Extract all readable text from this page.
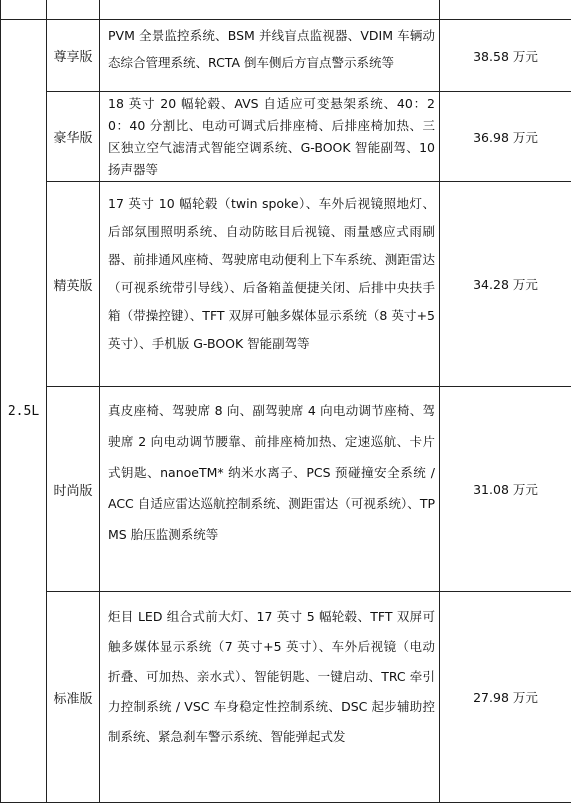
2.5L	尊享版	PVM 全景监控系统、BSM 并线盲点监视器、VDIM 车辆动态综合管理系统、RCTA 倒车侧后方盲点警示系统等	38.58 万元
	豪华版	18 英寸 20 幅轮毂、AVS 自适应可变悬架系统、40：20：40 分割比、电动可调式后排座椅、后排座椅加热、三区独立空气滤清式智能空调系统、G-BOOK 智能副驾、10 扬声器等	36.98 万元
	精英版	17 英寸 10 幅轮毂（twin spoke）、车外后视镜照地灯、后部氛围照明系统、自动防眩目后视镜、雨量感应式雨刷器、前排通风座椅、驾驶席电动便利上下车系统、测距雷达（可视系统带引导线）、后备箱盖便捷关闭、后排中央扶手箱（带操控键）、TFT 双屏可触多媒体显示系统（8 英寸+5 英寸）、手机版 G-BOOK 智能副驾等	34.28 万元
	时尚版	真皮座椅、驾驶席 8 向、副驾驶席 4 向电动调节座椅、驾驶席 2 向电动调节腰靠、前排座椅加热、定速巡航、卡片式钥匙、nanoeTM* 纳米水离子、PCS 预碰撞安全系统 / ACC 自适应雷达巡航控制系统、测距雷达（可视系统）、TPMS 胎压监测系统等	31.08 万元
	标准版	炬目 LED 组合式前大灯、17 英寸 5 幅轮毂、TFT 双屏可触多媒体显示系统（7 英寸+5 英寸）、车外后视镜（电动折叠、可加热、亲水式）、智能钥匙、一键启动、TRC 牵引力控制系统 / VSC 车身稳定性控制系统、DSC 起步辅助控制系统、紧急刹车警示系统、智能弹起式发	27.98 万元
